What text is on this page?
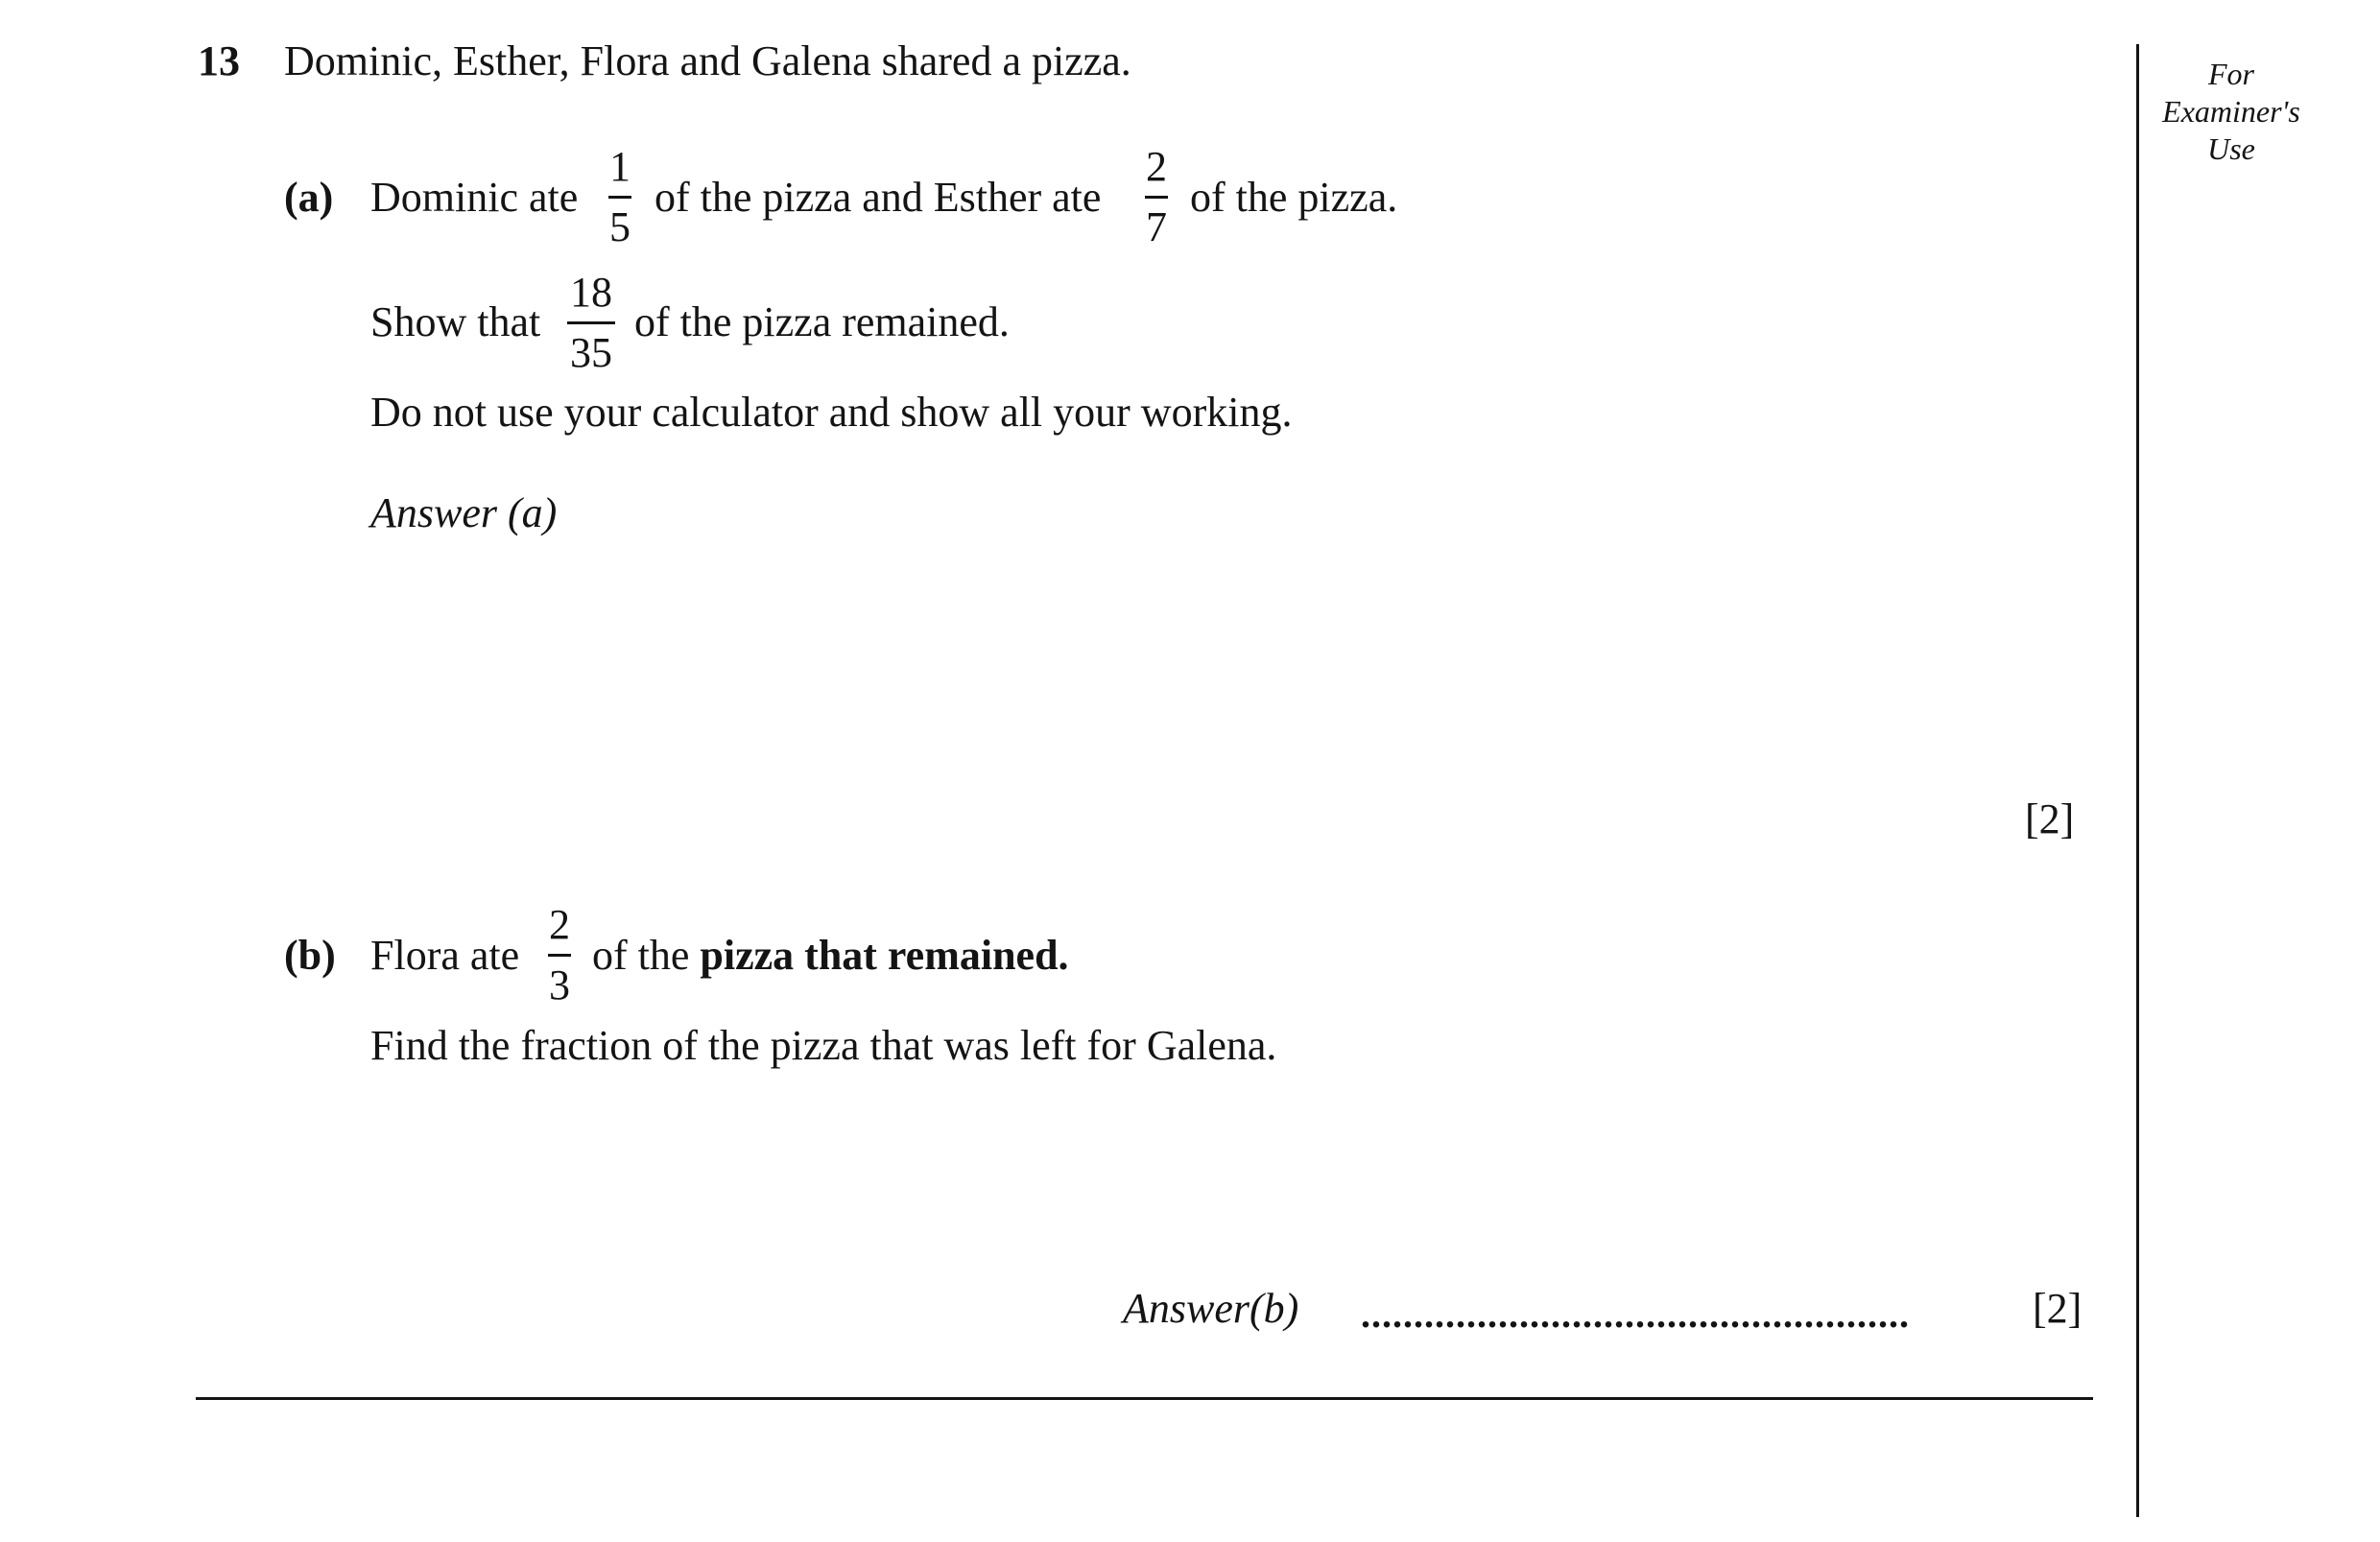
13 Dominic, Esther, Flora and Galena shared a pizza.
(a) Dominic ate
1
5
of the pizza and Esther ate
2
7
of the pizza.
Show that
18
35
of the pizza remained.
Do not use your calculator and show all your working.
Answer (a)
[2]
(b) Flora ate
2
3
of the pizza that remained.
Find the fraction of the pizza that was left for Galena.
Answer(b) ....................................................	[2]
For
Examiner's
Use
